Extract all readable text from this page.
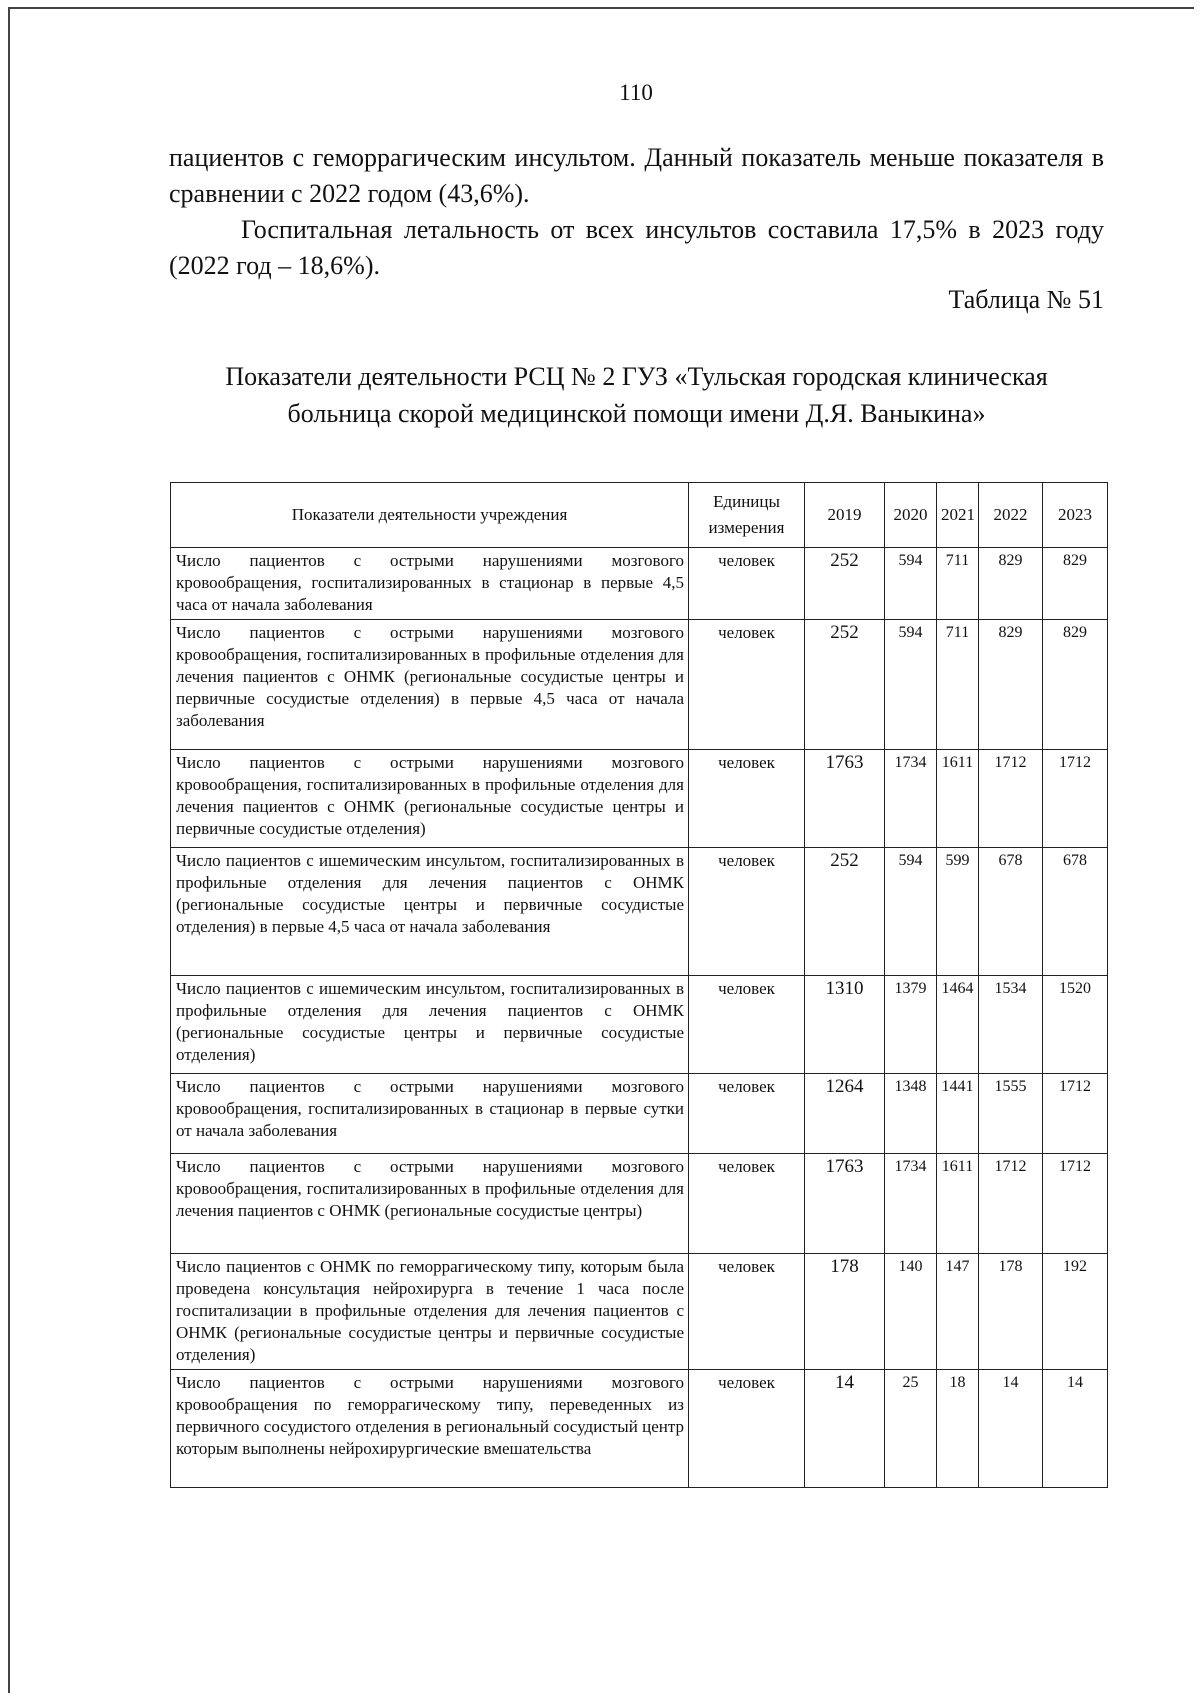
110
пациентов с геморрагическим инсультом. Данный показатель меньше показателя в сравнении с 2022 годом (43,6%).
Госпитальная летальность от всех инсультов составила 17,5% в 2023 году (2022 год – 18,6%).
Таблица № 51
Показатели деятельности РСЦ № 2 ГУЗ «Тульская городская клиническая
больница скорой медицинской помощи имени Д.Я. Ваныкина»
Показатели деятельности учреждения	Единицы измерения	2019	2020	2021	2022	2023
Число пациентов с острыми нарушениями мозгового кровообращения, госпитализированных в стационар в первые 4,5 часа от начала заболевания	человек	252	594	711	829	829
Число пациентов с острыми нарушениями мозгового кровообращения, госпитализированных в профильные отделения для лечения пациентов с ОНМК (региональные сосудистые центры и первичные сосудистые отделения) в первые 4,5 часа от начала заболевания	человек	252	594	711	829	829
Число пациентов с острыми нарушениями мозгового кровообращения, госпитализированных в профильные отделения для лечения пациентов с ОНМК (региональные сосудистые центры и первичные сосудистые отделения)	человек	1763	1734	1611	1712	1712
Число пациентов с ишемическим инсультом, госпитализированных в профильные отделения для лечения пациентов с ОНМК (региональные сосудистые центры и первичные сосудистые отделения) в первые 4,5 часа от начала заболевания	человек	252	594	599	678	678
Число пациентов с ишемическим инсультом, госпитализированных в профильные отделения для лечения пациентов с ОНМК (региональные сосудистые центры и первичные сосудистые отделения)	человек	1310	1379	1464	1534	1520
Число пациентов с острыми нарушениями мозгового кровообращения, госпитализированных в стационар в первые сутки от начала заболевания	человек	1264	1348	1441	1555	1712
Число пациентов с острыми нарушениями мозгового кровообращения, госпитализированных в профильные отделения для лечения пациентов с ОНМК (региональные сосудистые центры)	человек	1763	1734	1611	1712	1712
Число пациентов с ОНМК по геморрагическому типу, которым была проведена консультация нейрохирурга в течение 1 часа после госпитализации в профильные отделения для лечения пациентов с ОНМК (региональные сосудистые центры и первичные сосудистые отделения)	человек	178	140	147	178	192
Число пациентов с острыми нарушениями мозгового кровообращения по геморрагическому типу, переведенных из первичного сосудистого отделения в региональный сосудистый центр которым выполнены нейрохирургические вмешательства	человек	14	25	18	14	14
